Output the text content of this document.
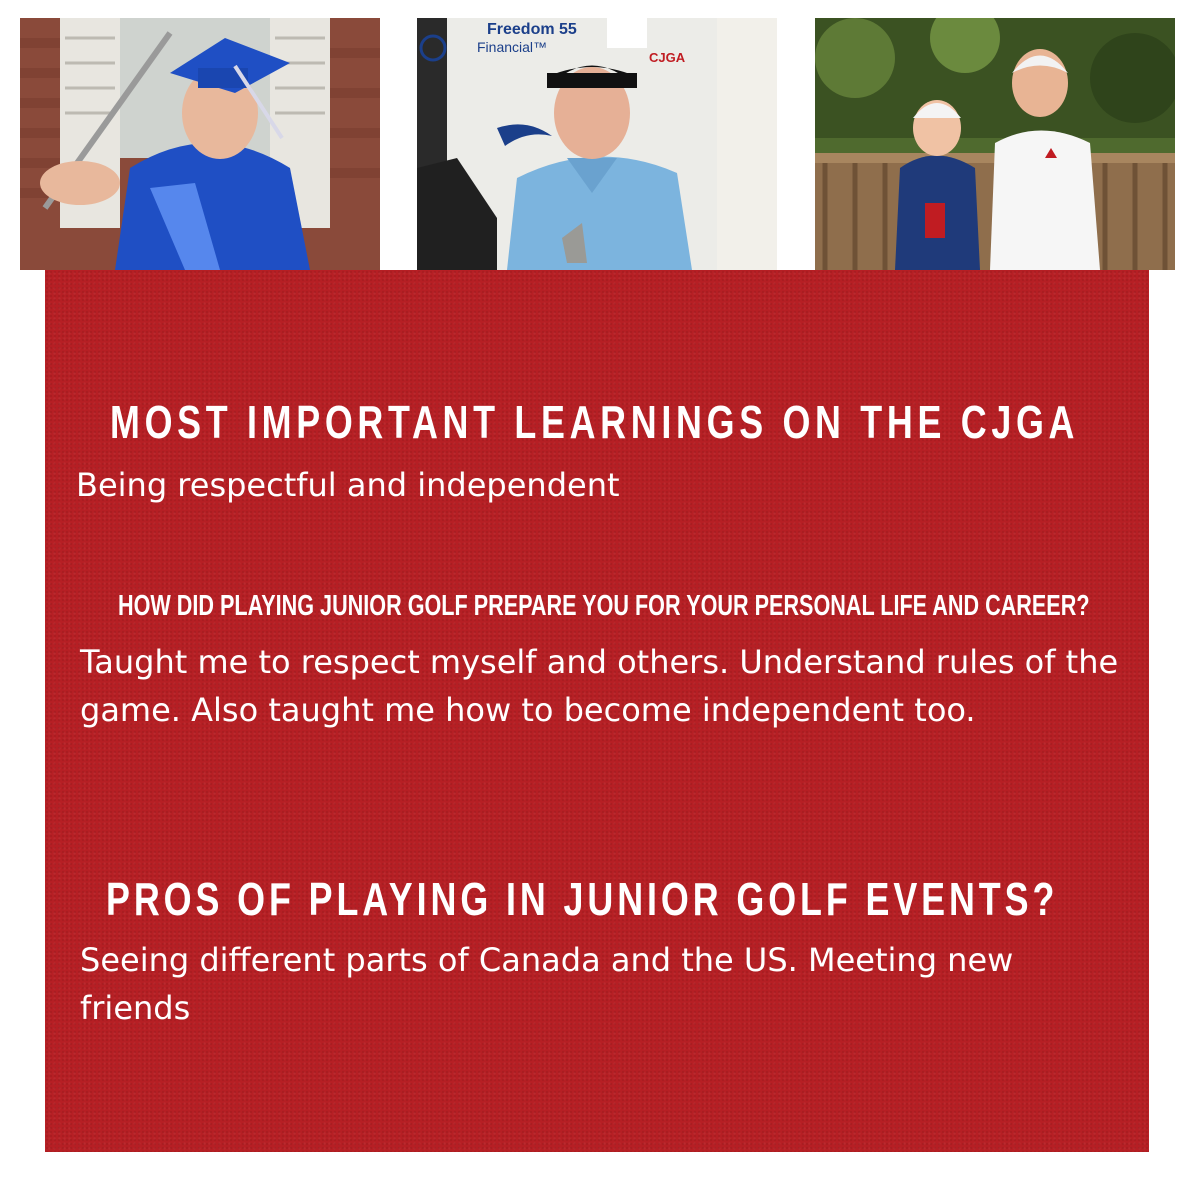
Freedom 55
Financial™
CJGA
MOST IMPORTANT LEARNINGS ON THE CJGA
Being respectful and independent
HOW DID PLAYING JUNIOR GOLF PREPARE YOU FOR YOUR PERSONAL LIFE AND CAREER?
Taught me to respect myself and others. Understand rules of the game. Also taught me how to become independent too.
PROS OF PLAYING IN JUNIOR GOLF EVENTS?
Seeing different parts of Canada and the US. Meeting new friends
